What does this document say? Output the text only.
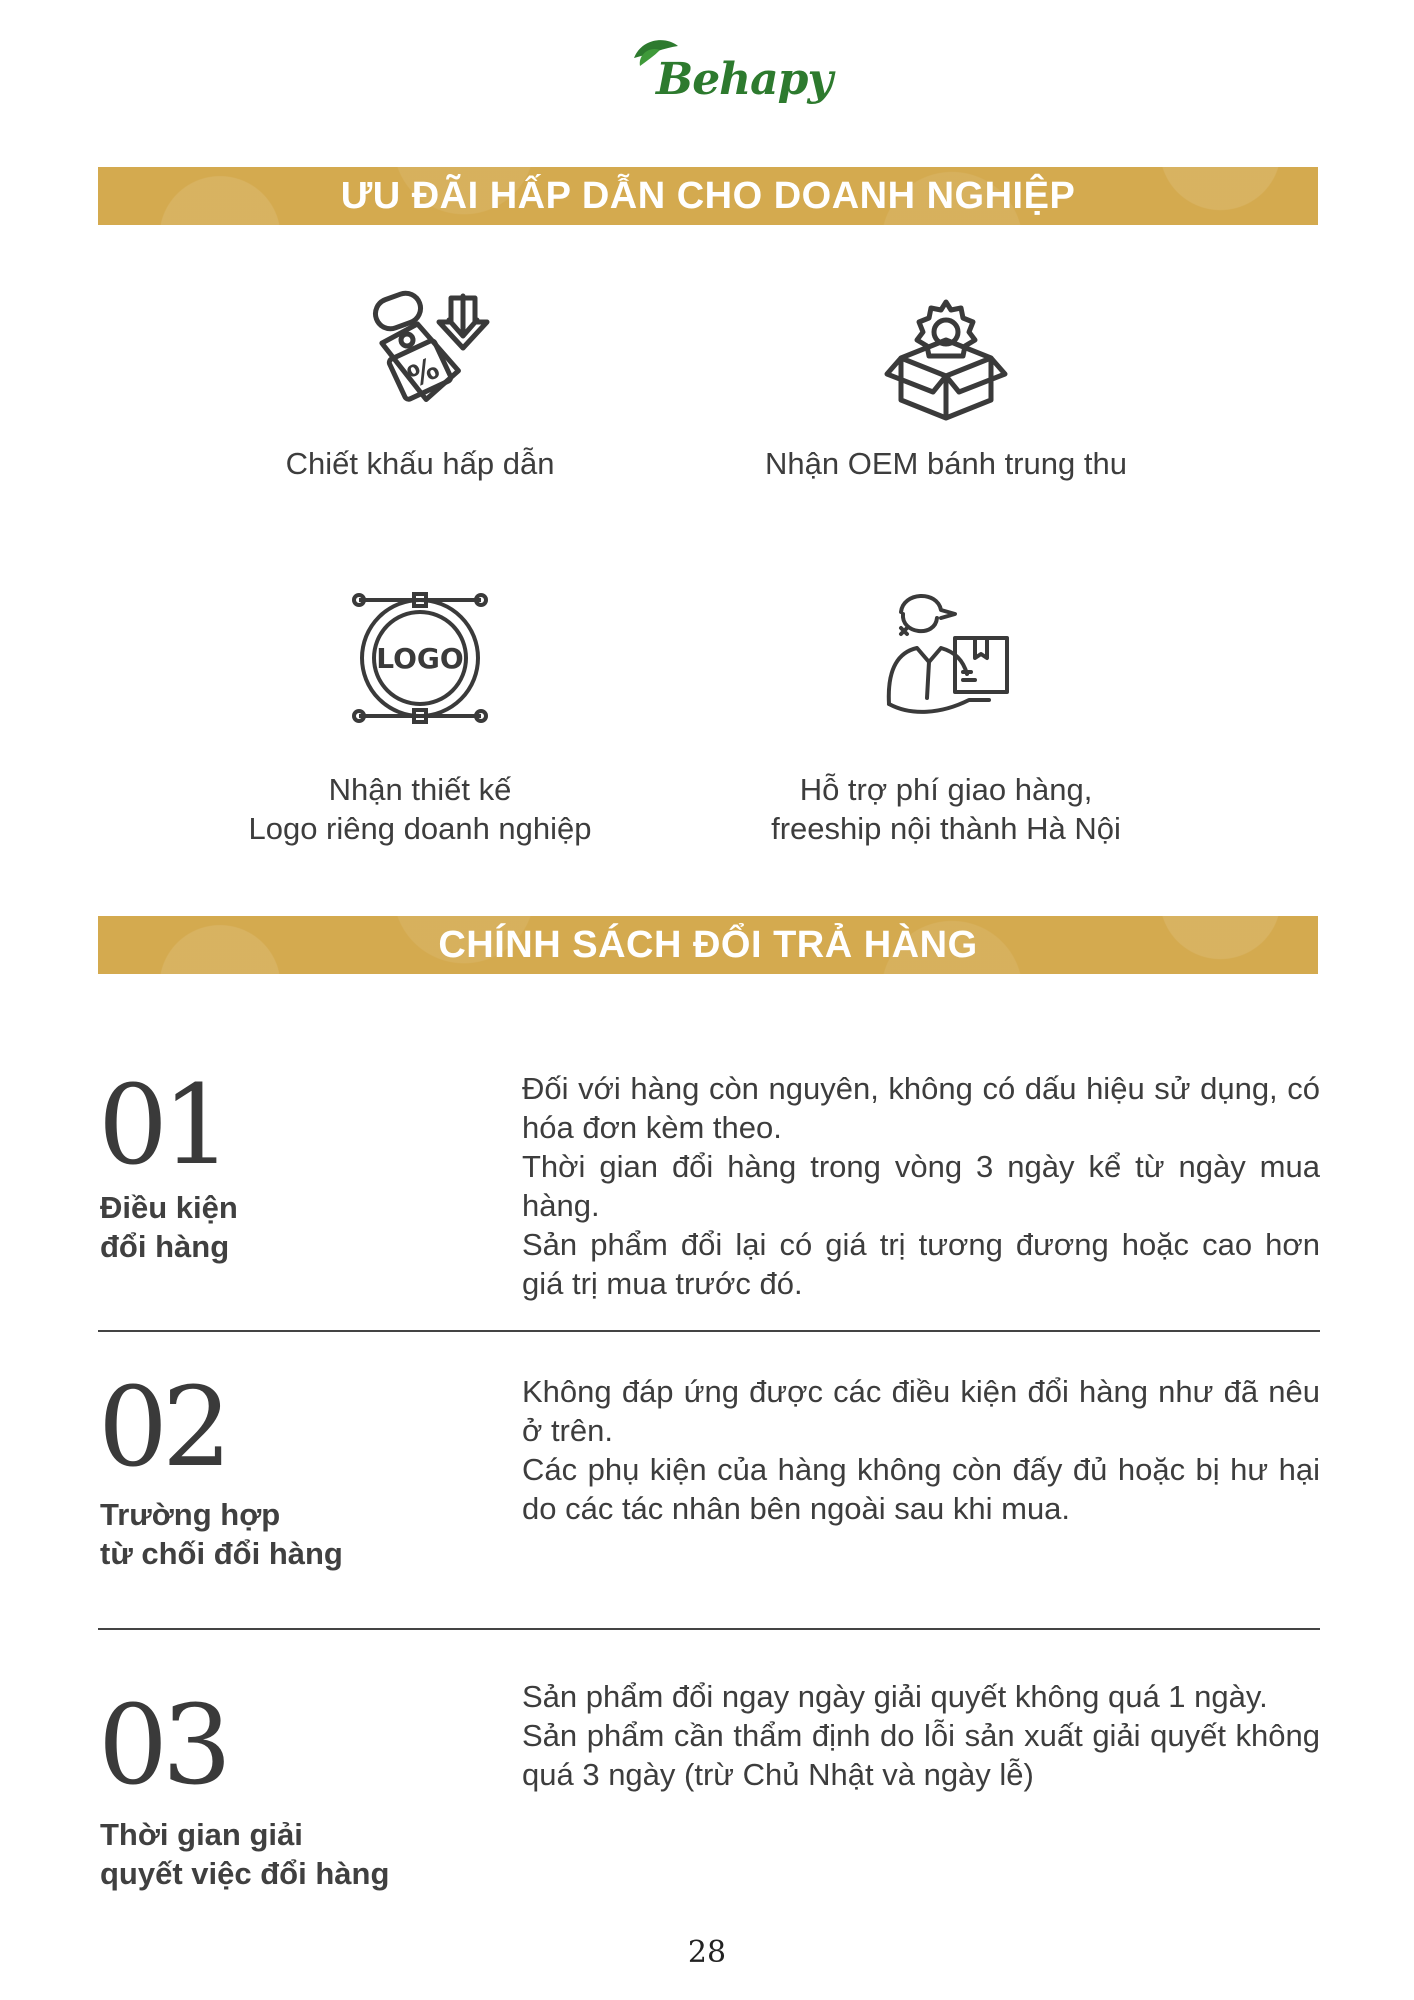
Behapy
ƯU ĐÃI HẤP DẪN CHO DOANH NGHIỆP
%
Chiết khấu hấp dẫn	Nhận OEM bánh trung thu
LOGO
Nhận thiết kế
Logo riêng doanh nghiệp
Hỗ trợ phí giao hàng,
freeship nội thành Hà Nội
CHÍNH SÁCH ĐỔI TRẢ HÀNG
01
Điều kiện
đổi hàng

Đối với hàng còn nguyên, không có dấu hiệu sử dụng, có hóa đơn kèm theo.

Thời gian đổi hàng trong vòng 3 ngày kể từ ngày mua hàng.

Sản phẩm đổi lại có giá trị tương đương hoặc cao hơn giá trị mua trước đó.

02
Trường hợp
từ chối đổi hàng

Không đáp ứng được các điều kiện đổi hàng như đã nêu ở trên.

Các phụ kiện của hàng không còn đấy đủ hoặc bị hư hại do các tác nhân bên ngoài sau khi mua.

03
Thời gian giải
quyết việc đổi hàng

Sản phẩm đổi ngay ngày giải quyết không quá 1 ngày.

Sản phẩm cần thẩm định do lỗi sản xuất giải quyết không quá 3 ngày (trừ Chủ Nhật và ngày lễ)

28
